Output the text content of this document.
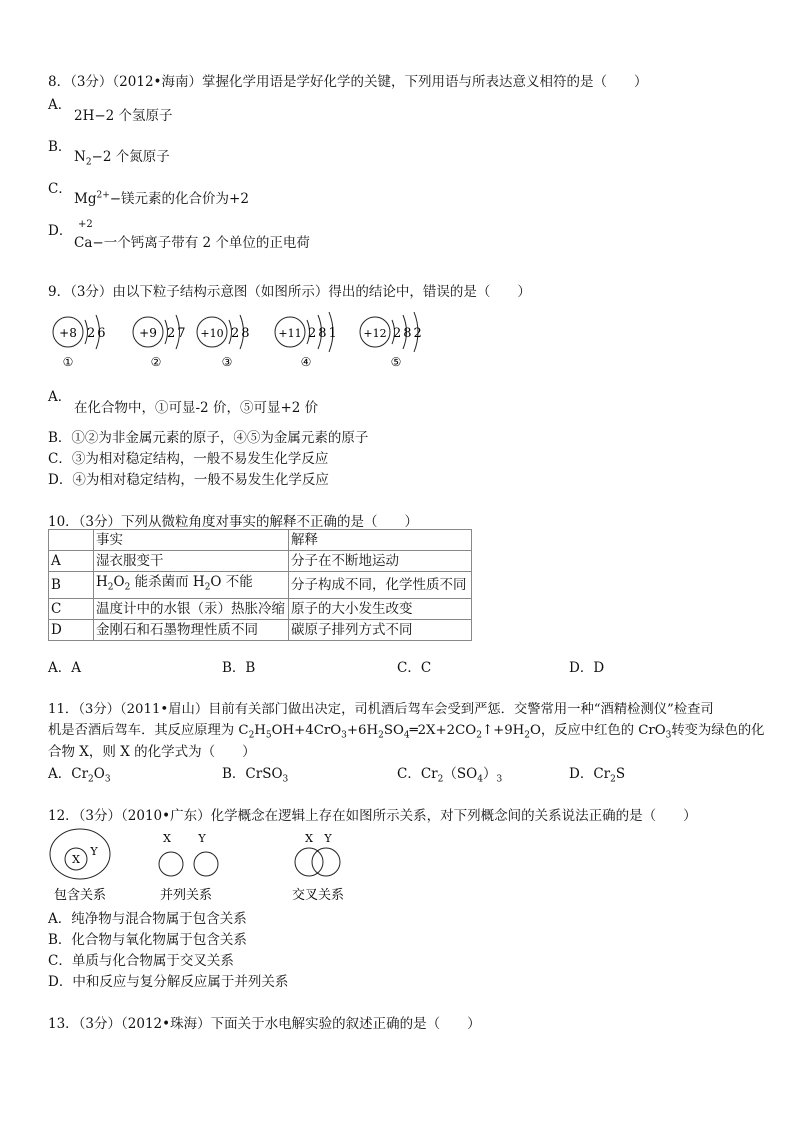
8．（3分）（2012•海南）掌握化学用语是学好化学的关键，下列用语与所表达意义相符的是（　　）
A．
2H−2 个氢原子
B．
$N_2-2$ 个氮原子
C．
$Mg^{2+}-$镁元素的化合价为+2
D． +2
Ca−一个钙离子带有 2 个单位的正电荷
9．（3分）由以下粒子结构示意图（如图所示）得出的结论中，错误的是（　　）
+8 26
①
+9 27
②
+10 28
③
+11 281
④
+12 282
⑤
A．
在化合物中，①可显-2 价，⑤可显+2 价
B．①②为非金属元素的原子，④⑤为金属元素的原子
C．③为相对稳定结构，一般不易发生化学反应
D．④为相对稳定结构，一般不易发生化学反应
10．（3分）下列从微粒角度对事实的解释不正确的是（　　）
	事实	解释
A	湿衣服变干	分子在不断地运动
B	$H_2O_2$ 能杀菌而 $H_2O$ 不能	分子构成不同，化学性质不同
C	温度计中的水银（汞）热胀冷缩	原子的大小发生改变
D	金刚石和石墨物理性质不同	碳原子排列方式不同
A．A	B．B	C．C	D．D
11．（3分）（2011•眉山）目前有关部门做出决定，司机酒后驾车会受到严惩．交警常用一种“酒精检测仪”检查司
机是否酒后驾车．其反应原理为 $C_2H_5OH+4CrO_3+6H_2SO_4═2X+2CO_2↑+9H_2O$，反应中红色的 CrO$_3$转变为绿色的化
合物 X，则 X 的化学式为（　　）
A．$Cr_2O_3$	B．CrSO$_3$	C．$Cr_2(SO_4)_3$	D．$Cr_2S$
12．（3分）（2010•广东）化学概念在逻辑上存在如图所示关系，对下列概念间的关系说法正确的是（　　）
X
Y
包含关系
X Y
并列关系
X Y
交叉关系
A．纯净物与混合物属于包含关系
B．化合物与氧化物属于包含关系
C．单质与化合物属于交叉关系
D．中和反应与复分解反应属于并列关系
13．（3分）（2012•珠海）下面关于水电解实验的叙述正确的是（　　）
